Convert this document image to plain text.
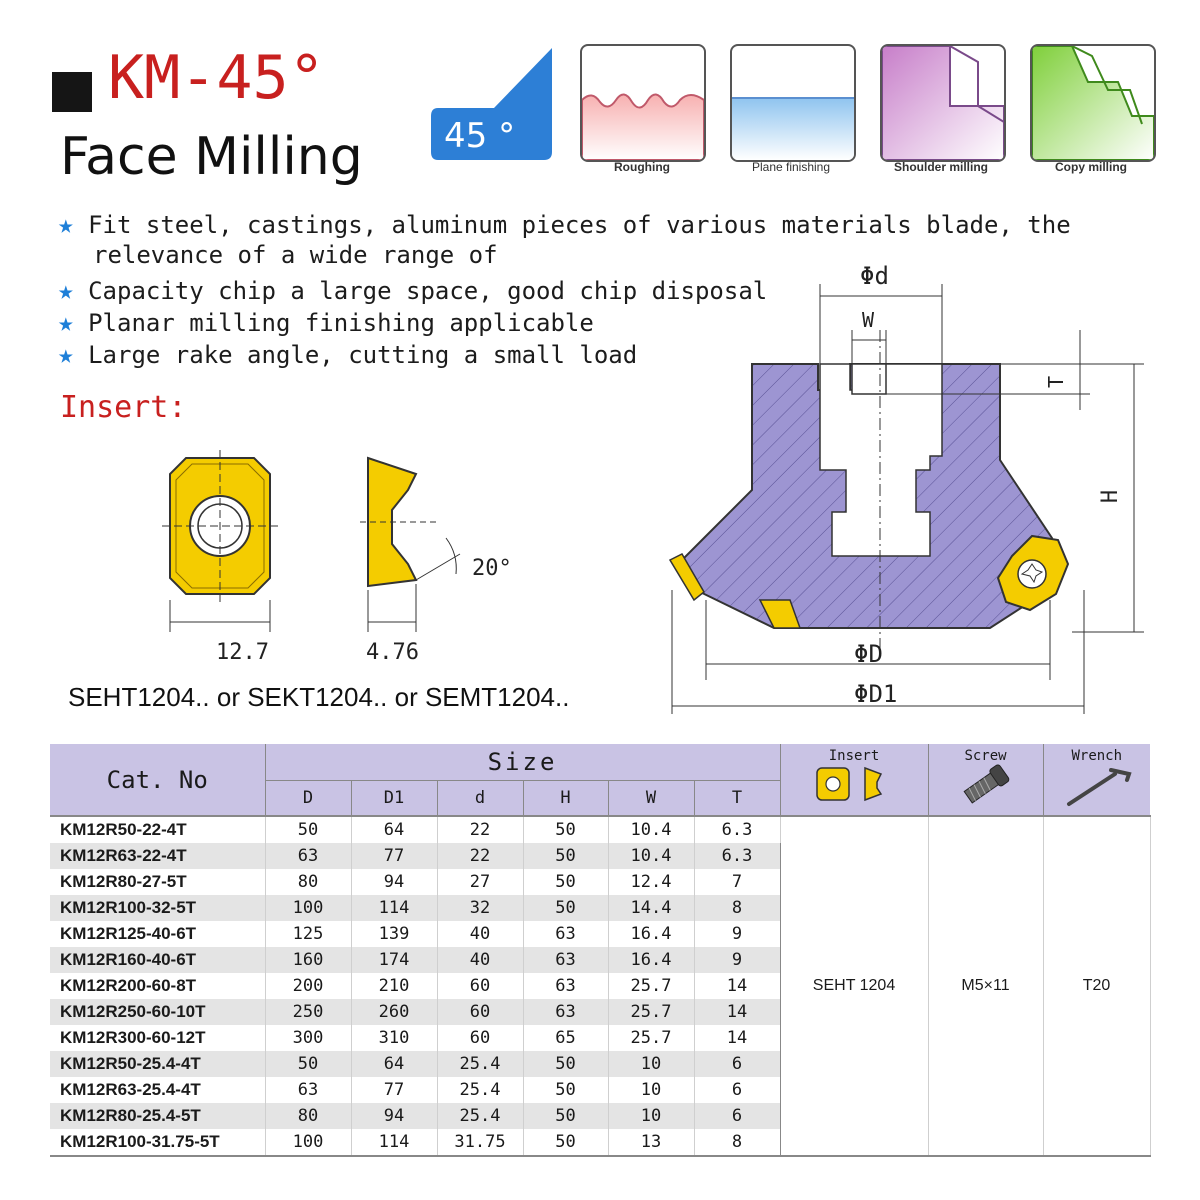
KM-45°
Face Milling 45 °
Roughing	Plane finishing	Shoulder milling	Copy milling
★ Fit steel, castings, aluminum pieces of various materials blade, the
relevance of a wide range of
★ Capacity chip a large space, good chip disposal
★ Planar milling finishing applicable
★ Large rake angle, cutting a small load
Insert:
12.7	4.76
20°
SEHT1204.. or SEKT1204.. or SEMT1204..
Φd
W
T
H
ΦD
ΦD1
Cat. No	Size						Insert	Screw	Wrench

	D	D1	d	H	W	T			
KM12R50-22-4T	50	64	22	50	10.4	6.3	SEHT 1204	M5×11	T20
KM12R63-22-4T	63	77	22	50	10.4	6.3			
KM12R80-27-5T	80	94	27	50	12.4	7			
KM12R100-32-5T	100	114	32	50	14.4	8			
KM12R125-40-6T	125	139	40	63	16.4	9			
KM12R160-40-6T	160	174	40	63	16.4	9			
KM12R200-60-8T	200	210	60	63	25.7	14			
KM12R250-60-10T	250	260	60	63	25.7	14			
KM12R300-60-12T	300	310	60	65	25.7	14			
KM12R50-25.4-4T	50	64	25.4	50	10	6			
KM12R63-25.4-4T	63	77	25.4	50	10	6			
KM12R80-25.4-5T	80	94	25.4	50	10	6			
KM12R100-31.75-5T	100	114	31.75	50	13	8			
